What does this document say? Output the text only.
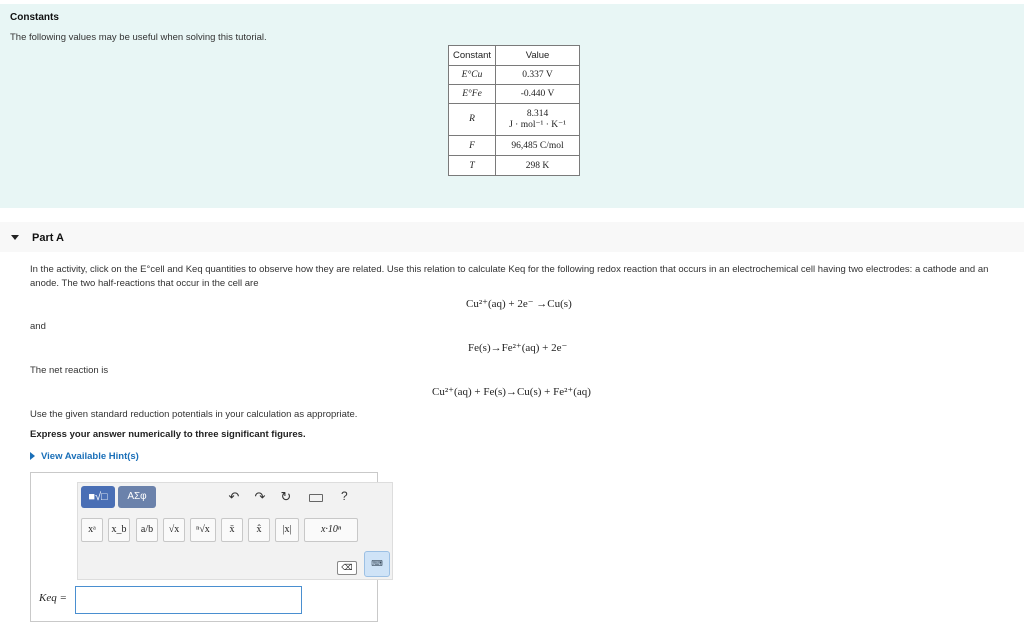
Constants
The following values may be useful when solving this tutorial.
Constant	Value
E°Cu	0.337 V
E°Fe	-0.440 V
R	8.314
J · mol⁻¹ · K⁻¹

F	96,485 C/mol
T	298 K
Part A
In the activity, click on the E°cell and Keq quantities to observe how they are related. Use this relation to calculate Keq for the following redox reaction that occurs in an electrochemical cell having two electrodes: a cathode and an anode. The two half-reactions that occur in the cell are
Cu²⁺(aq) + 2e⁻ →Cu(s)
and
Fe(s)→Fe²⁺(aq) + 2e⁻
The net reaction is
Cu²⁺(aq) + Fe(s)→Cu(s) + Fe²⁺(aq)
Use the given standard reduction potentials in your calculation as appropriate.
Express your answer numerically to three significant figures.
View Available Hint(s)
■√□	ΑΣφ	↶ ↷ ↻	?
xᵃ	x_b	a/b	√x	ⁿ√x	x̄	x̂	|x|	x·10ⁿ
⌫	⌨
Keq =
